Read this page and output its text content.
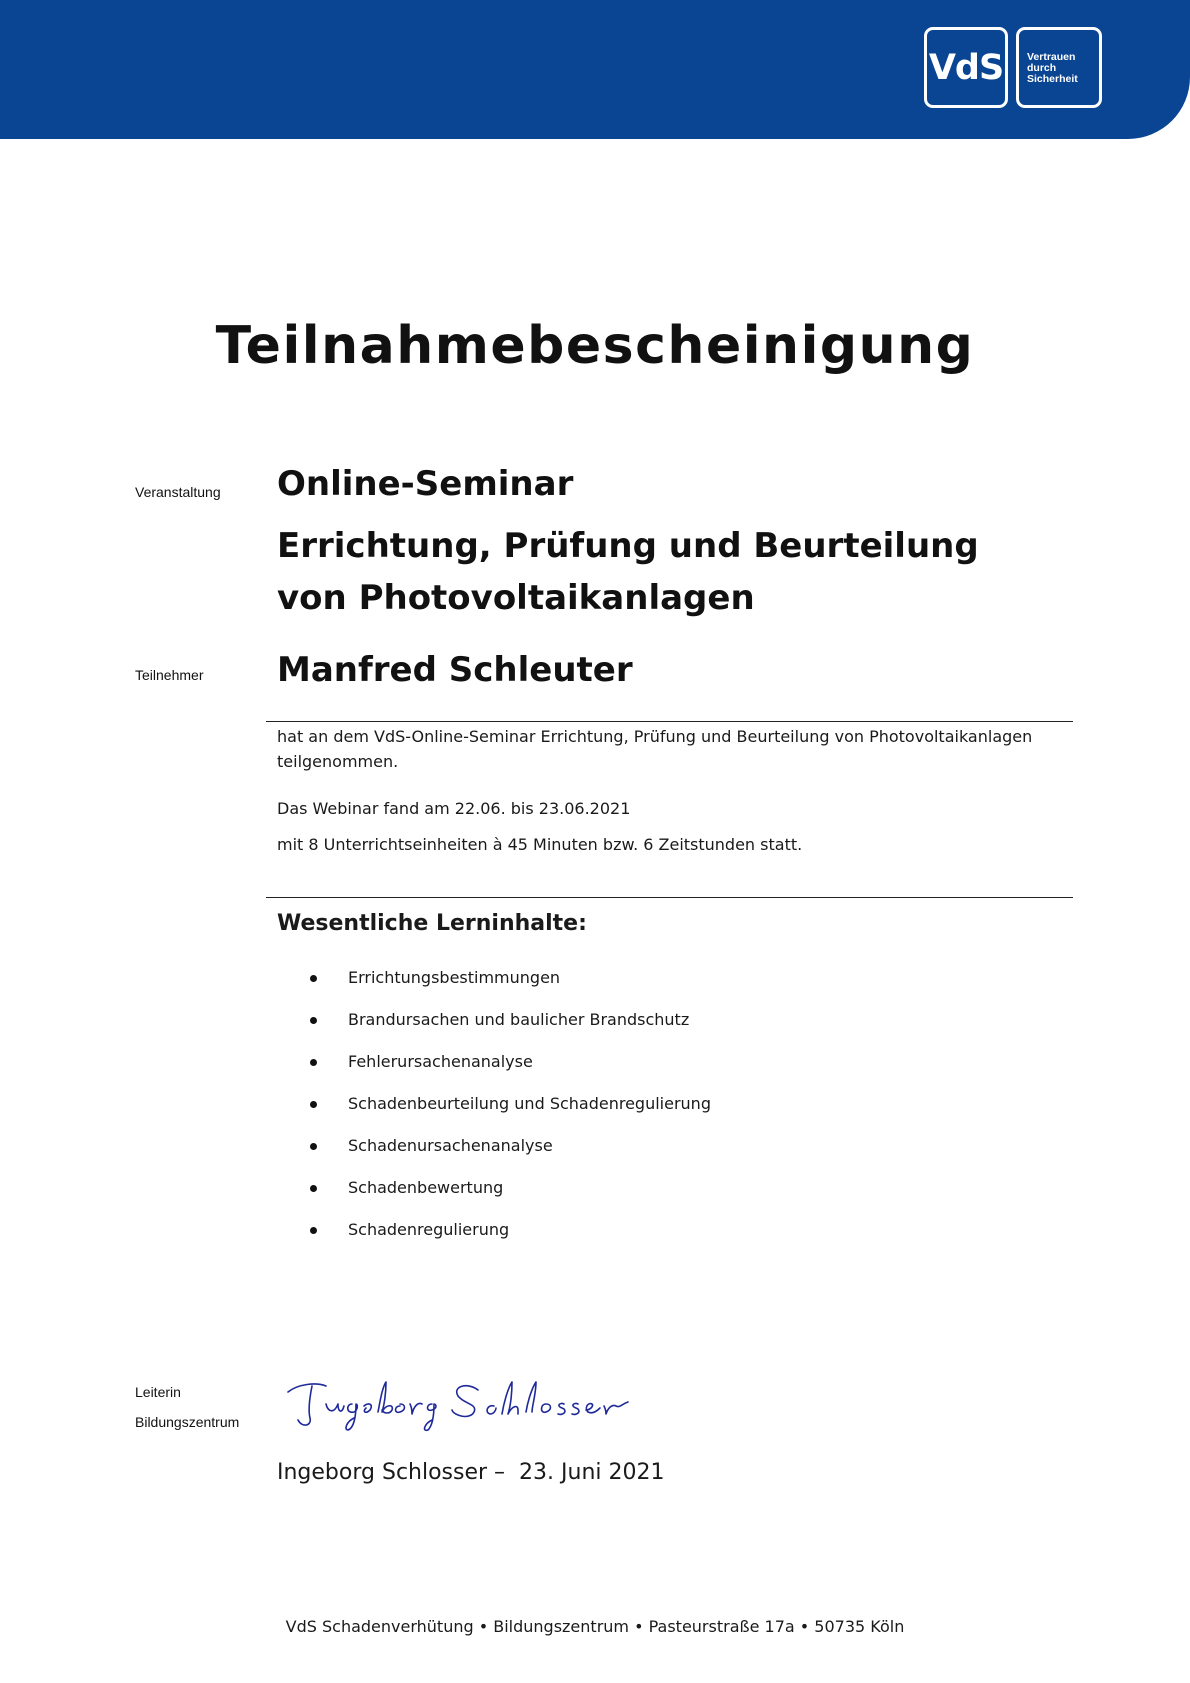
VdS Vertrauen
durch
Sicherheit
Teilnahmebescheinigung
Veranstaltung Online-Seminar
Errichtung, Prüfung und Beurteilung
von Photovoltaikanlagen
Teilnehmer Manfred Schleuter

hat an dem VdS-Online-Seminar Errichtung, Prüfung und Beurteilung von Photovoltaikanlagen teilgenommen.

Das Webinar fand am 22.06. bis 23.06.2021

mit 8 Unterrichtseinheiten à 45 Minuten bzw. 6 Zeitstunden statt.

Wesentliche Lerninhalte:
Errichtungsbestimmungen
Brandursachen und baulicher Brandschutz
Fehlerursachenanalyse
Schadenbeurteilung und Schadenregulierung
Schadenursachenanalyse
Schadenbewertung
Schadenregulierung
Leiterin
Bildungszentrum

Ingeborg Schlosser –  23. Juni 2021

VdS Schadenverhütung • Bildungszentrum • Pasteurstraße 17a • 50735 Köln
